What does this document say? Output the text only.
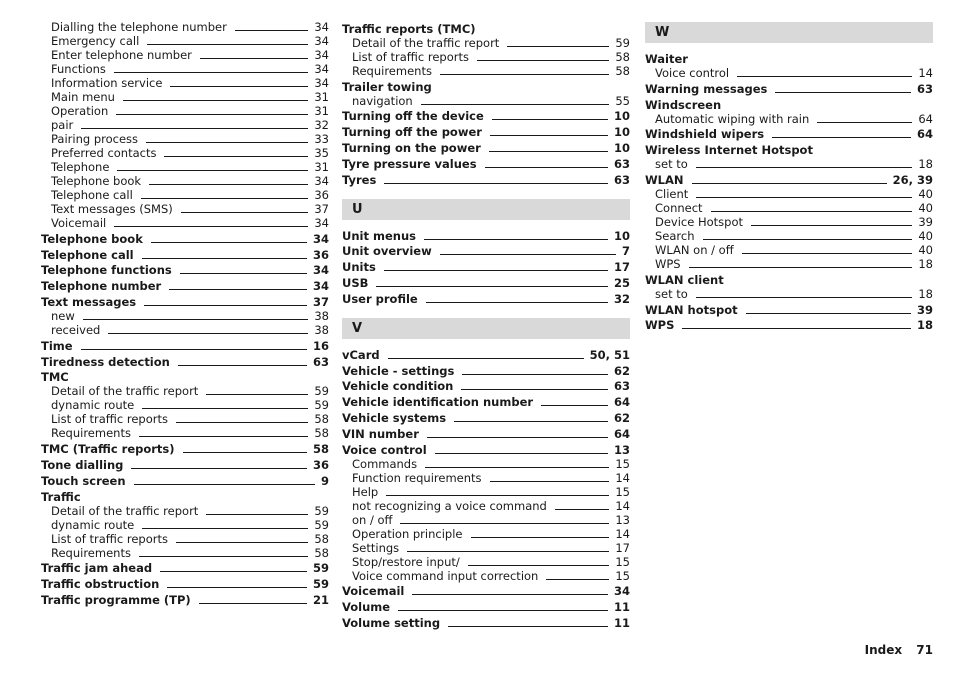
Dialling the telephone number	34
Emergency call	34
Enter telephone number	34
Functions	34
Information service	34
Main menu	31
Operation	31
pair	32
Pairing process	33
Preferred contacts	35
Telephone	31
Telephone book	34
Telephone call	36
Text messages (SMS)	37
Voicemail	34
Telephone book	34
Telephone call	36
Telephone functions	34
Telephone number	34
Text messages	37
new	38
received	38
Time	16
Tiredness detection	63
TMC
Detail of the traffic report	59
dynamic route	59
List of traffic reports	58
Requirements	58
TMC (Traffic reports)	58
Tone dialling	36
Touch screen	9
Traffic
Detail of the traffic report	59
dynamic route	59
List of traffic reports	58
Requirements	58
Traffic jam ahead	59
Traffic obstruction	59
Traffic programme (TP)	21
Traffic reports (TMC)
Detail of the traffic report	59
List of traffic reports	58
Requirements	58
Trailer towing
navigation	55
Turning off the device	10
Turning off the power	10
Turning on the power	10
Tyre pressure values	63
Tyres	63
U
Unit menus	10
Unit overview	7
Units	17
USB	25
User profile	32
V
vCard	50, 51
Vehicle - settings	62
Vehicle condition	63
Vehicle identification number	64
Vehicle systems	62
VIN number	64
Voice control	13
Commands	15
Function requirements	14
Help	15
not recognizing a voice command	14
on / off	13
Operation principle	14
Settings	17
Stop/restore input/	15
Voice command input correction	15
Voicemail	34
Volume	11
Volume setting	11
W
Waiter
Voice control	14
Warning messages	63
Windscreen
Automatic wiping with rain	64
Windshield wipers	64
Wireless Internet Hotspot
set to	18
WLAN	26, 39
Client	40
Connect	40
Device Hotspot	39
Search	40
WLAN on / off	40
WPS	18
WLAN client
set to	18
WLAN hotspot	39
WPS	18
Index 71
